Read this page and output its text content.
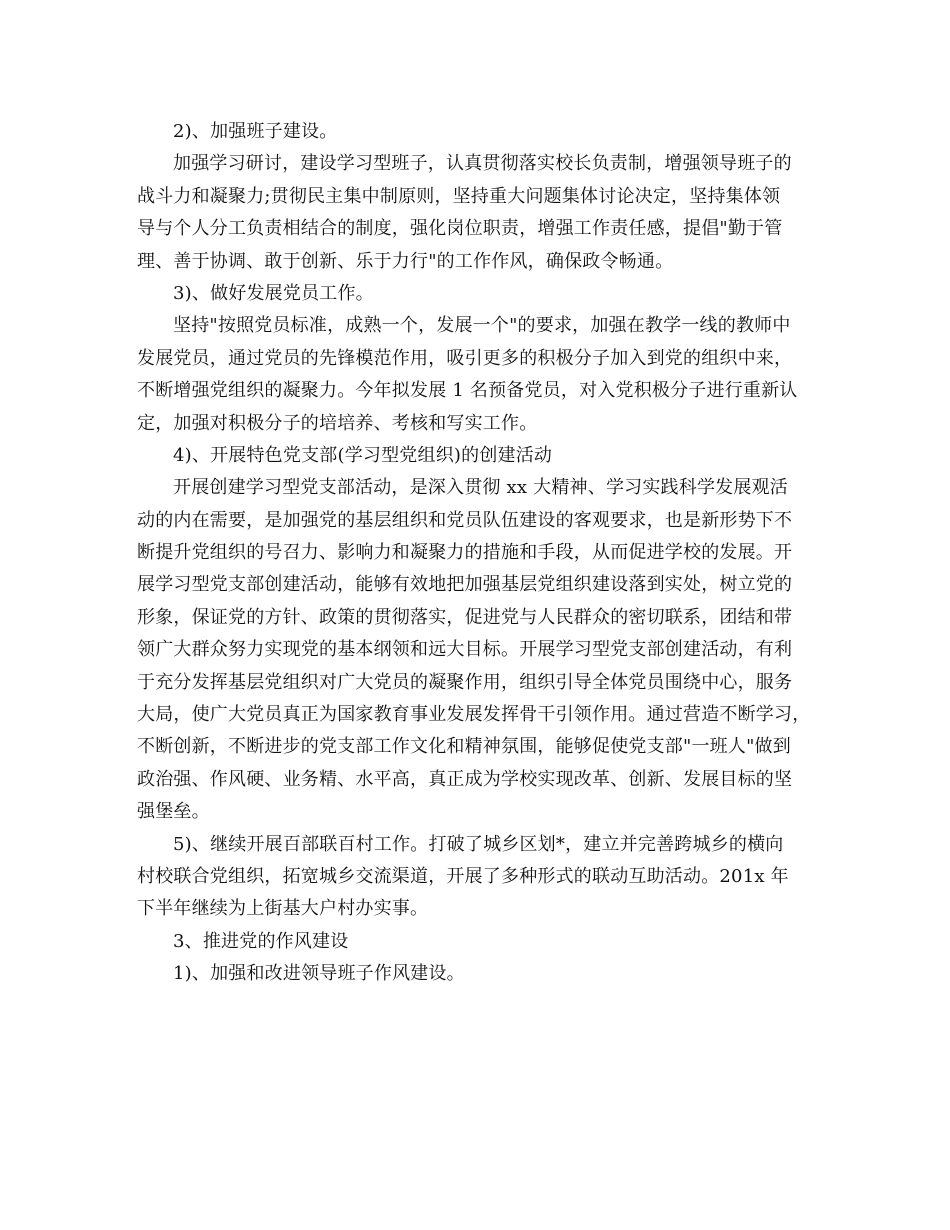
2)、加强班子建设。

加强学习研讨，建设学习型班子，认真贯彻落实校长负责制，增强领导班子的

战斗力和凝聚力;贯彻民主集中制原则，坚持重大问题集体讨论决定，坚持集体领

导与个人分工负责相结合的制度，强化岗位职责，增强工作责任感，提倡"勤于管

理、善于协调、敢于创新、乐于力行"的工作作风，确保政令畅通。

3)、做好发展党员工作。

坚持"按照党员标准，成熟一个，发展一个"的要求，加强在教学一线的教师中

发展党员，通过党员的先锋模范作用，吸引更多的积极分子加入到党的组织中来，

不断增强党组织的凝聚力。今年拟发展 1 名预备党员，对入党积极分子进行重新认

定，加强对积极分子的培培养、考核和写实工作。

4)、开展特色党支部(学习型党组织)的创建活动

开展创建学习型党支部活动，是深入贯彻 xx 大精神、学习实践科学发展观活

动的内在需要，是加强党的基层组织和党员队伍建设的客观要求，也是新形势下不

断提升党组织的号召力、影响力和凝聚力的措施和手段，从而促进学校的发展。开

展学习型党支部创建活动，能够有效地把加强基层党组织建设落到实处，树立党的

形象，保证党的方针、政策的贯彻落实，促进党与人民群众的密切联系，团结和带

领广大群众努力实现党的基本纲领和远大目标。开展学习型党支部创建活动，有利

于充分发挥基层党组织对广大党员的凝聚作用，组织引导全体党员围绕中心，服务

大局，使广大党员真正为国家教育事业发展发挥骨干引领作用。通过营造不断学习，

不断创新，不断进步的党支部工作文化和精神氛围，能够促使党支部"一班人"做到

政治强、作风硬、业务精、水平高，真正成为学校实现改革、创新、发展目标的坚

强堡垒。

5)、继续开展百部联百村工作。打破了城乡区划*，建立并完善跨城乡的横向

村校联合党组织，拓宽城乡交流渠道，开展了多种形式的联动互助活动。201x 年

下半年继续为上街基大户村办实事。

3、推进党的作风建设

1)、加强和改进领导班子作风建设。
